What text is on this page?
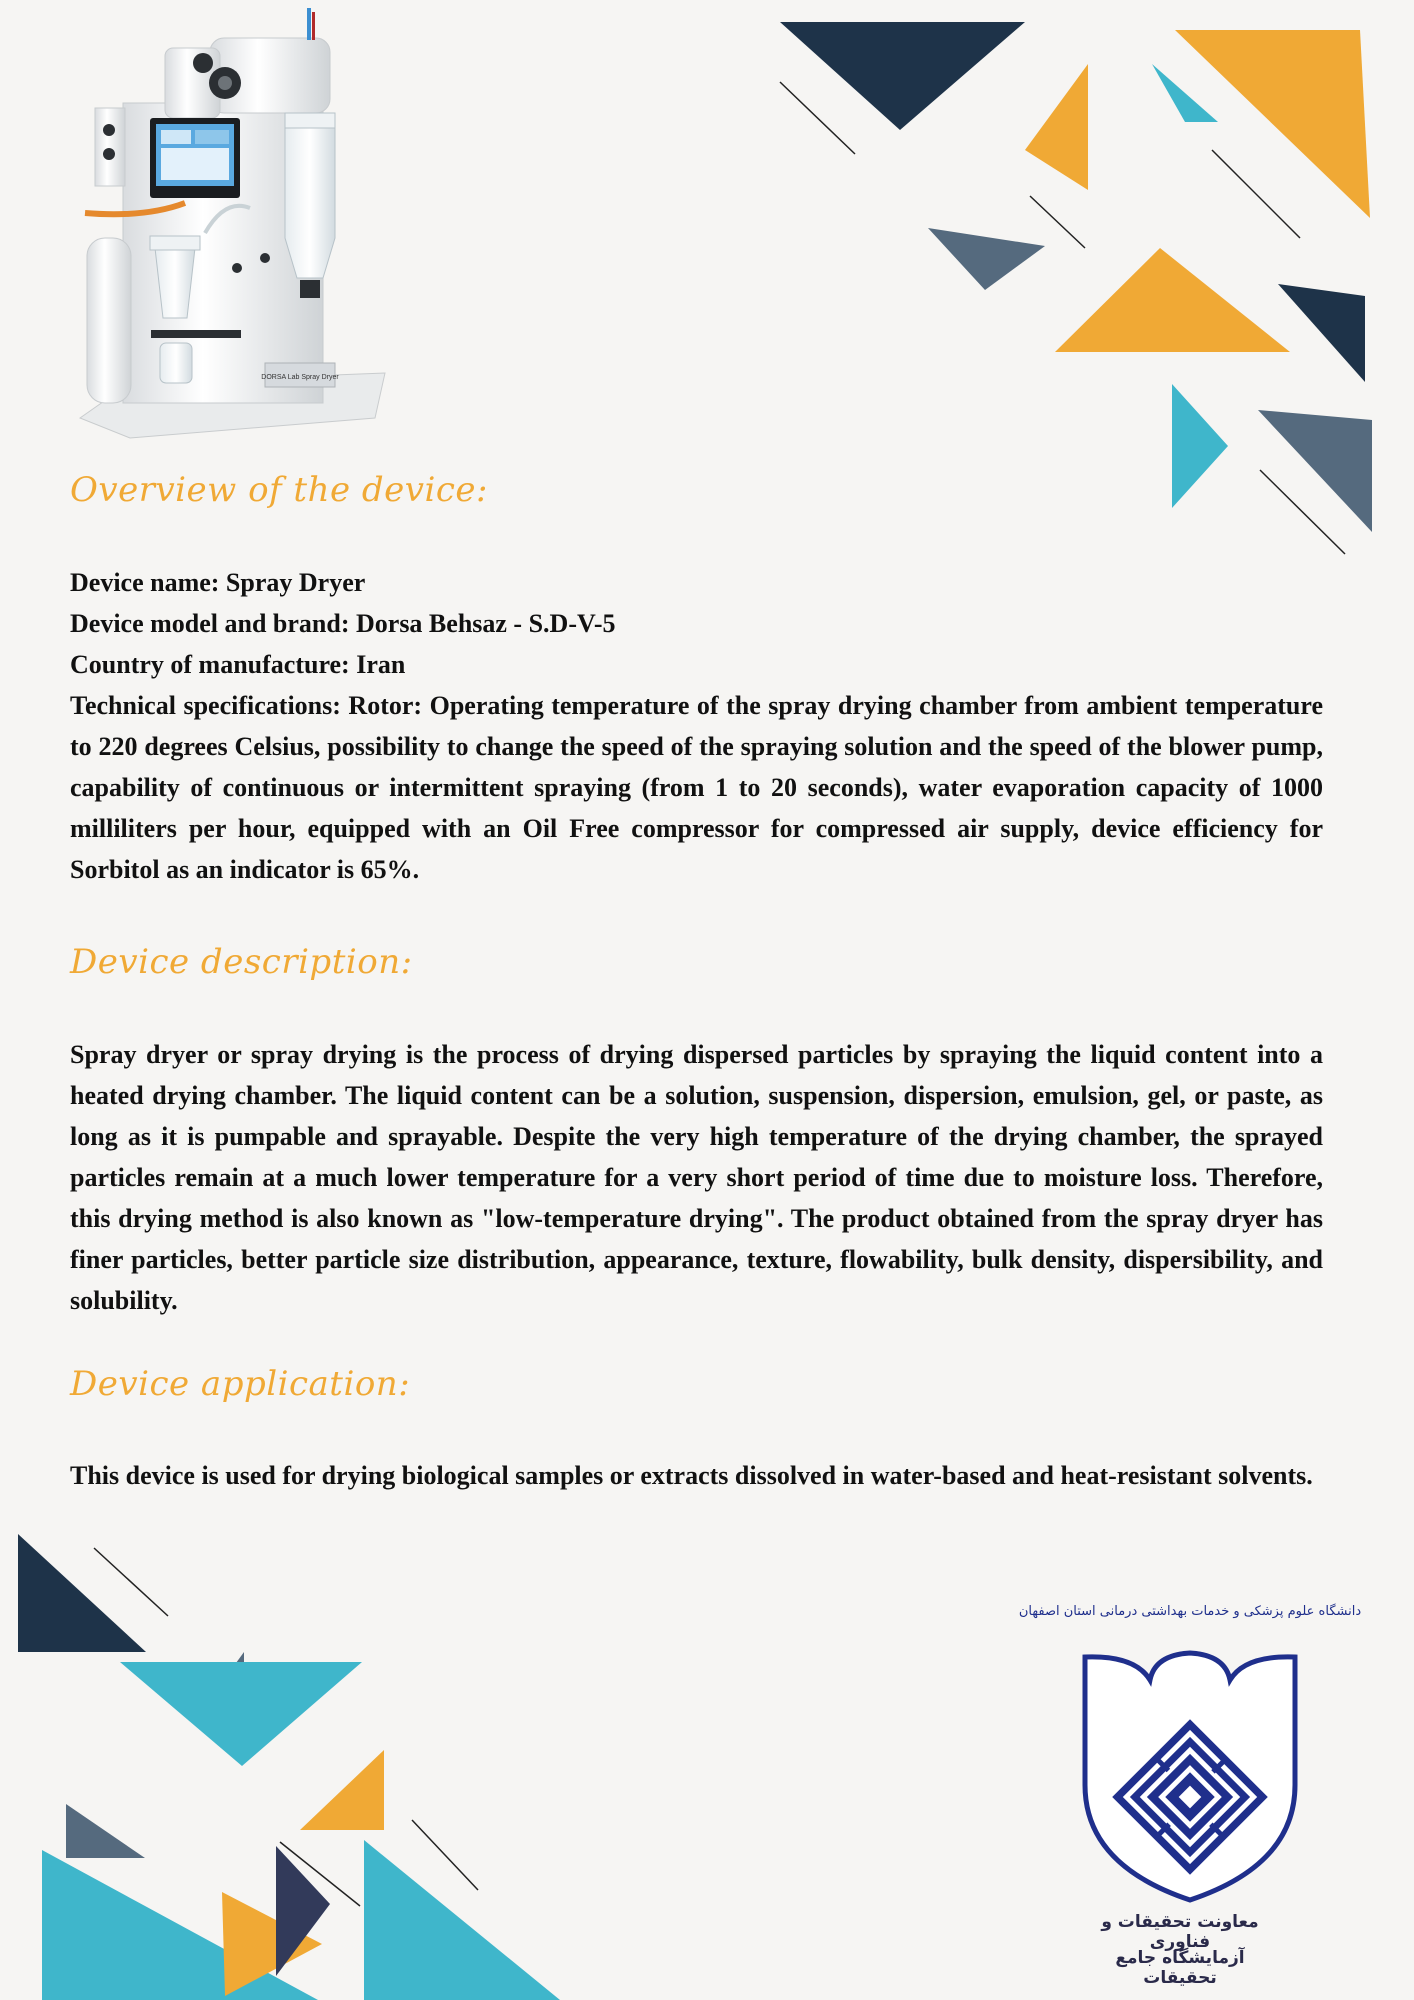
DORSA Lab Spray Dryer
Overview of the device:
Device name: Spray Dryer
Device model and brand: Dorsa Behsaz - S.D-V-5
Country of manufacture: Iran
Technical specifications: Rotor: Operating temperature of the spray drying chamber from ambient temperature to 220 degrees Celsius, possibility to change the speed of the spraying solution and the speed of the blower pump, capability of continuous or intermittent spraying (from 1 to 20 seconds), water evaporation capacity of 1000 milliliters per hour, equipped with an Oil Free compressor for compressed air supply, device efficiency for Sorbitol as an indicator is 65%.
Device description:

Spray dryer or spray drying is the process of drying dispersed particles by spraying the liquid content into a heated drying chamber. The liquid content can be a solution, suspension, dispersion, emulsion, gel, or paste, as long as it is pumpable and sprayable. Despite the very high temperature of the drying chamber, the sprayed particles remain at a much lower temperature for a very short period of time due to moisture loss. Therefore, this drying method is also known as "low-temperature drying". The product obtained from the spray dryer has finer particles, better particle size distribution, appearance, texture, flowability, bulk density, dispersibility, and solubility.

Device application:

This device is used for drying biological samples or extracts dissolved in water-based and heat-resistant solvents.

دانشگاه علوم پزشکی و خدمات بهداشتی درمانی استان اصفهان
معاونت تحقیقات و فناوری
آزمایشگاه جامع تحقیقات
